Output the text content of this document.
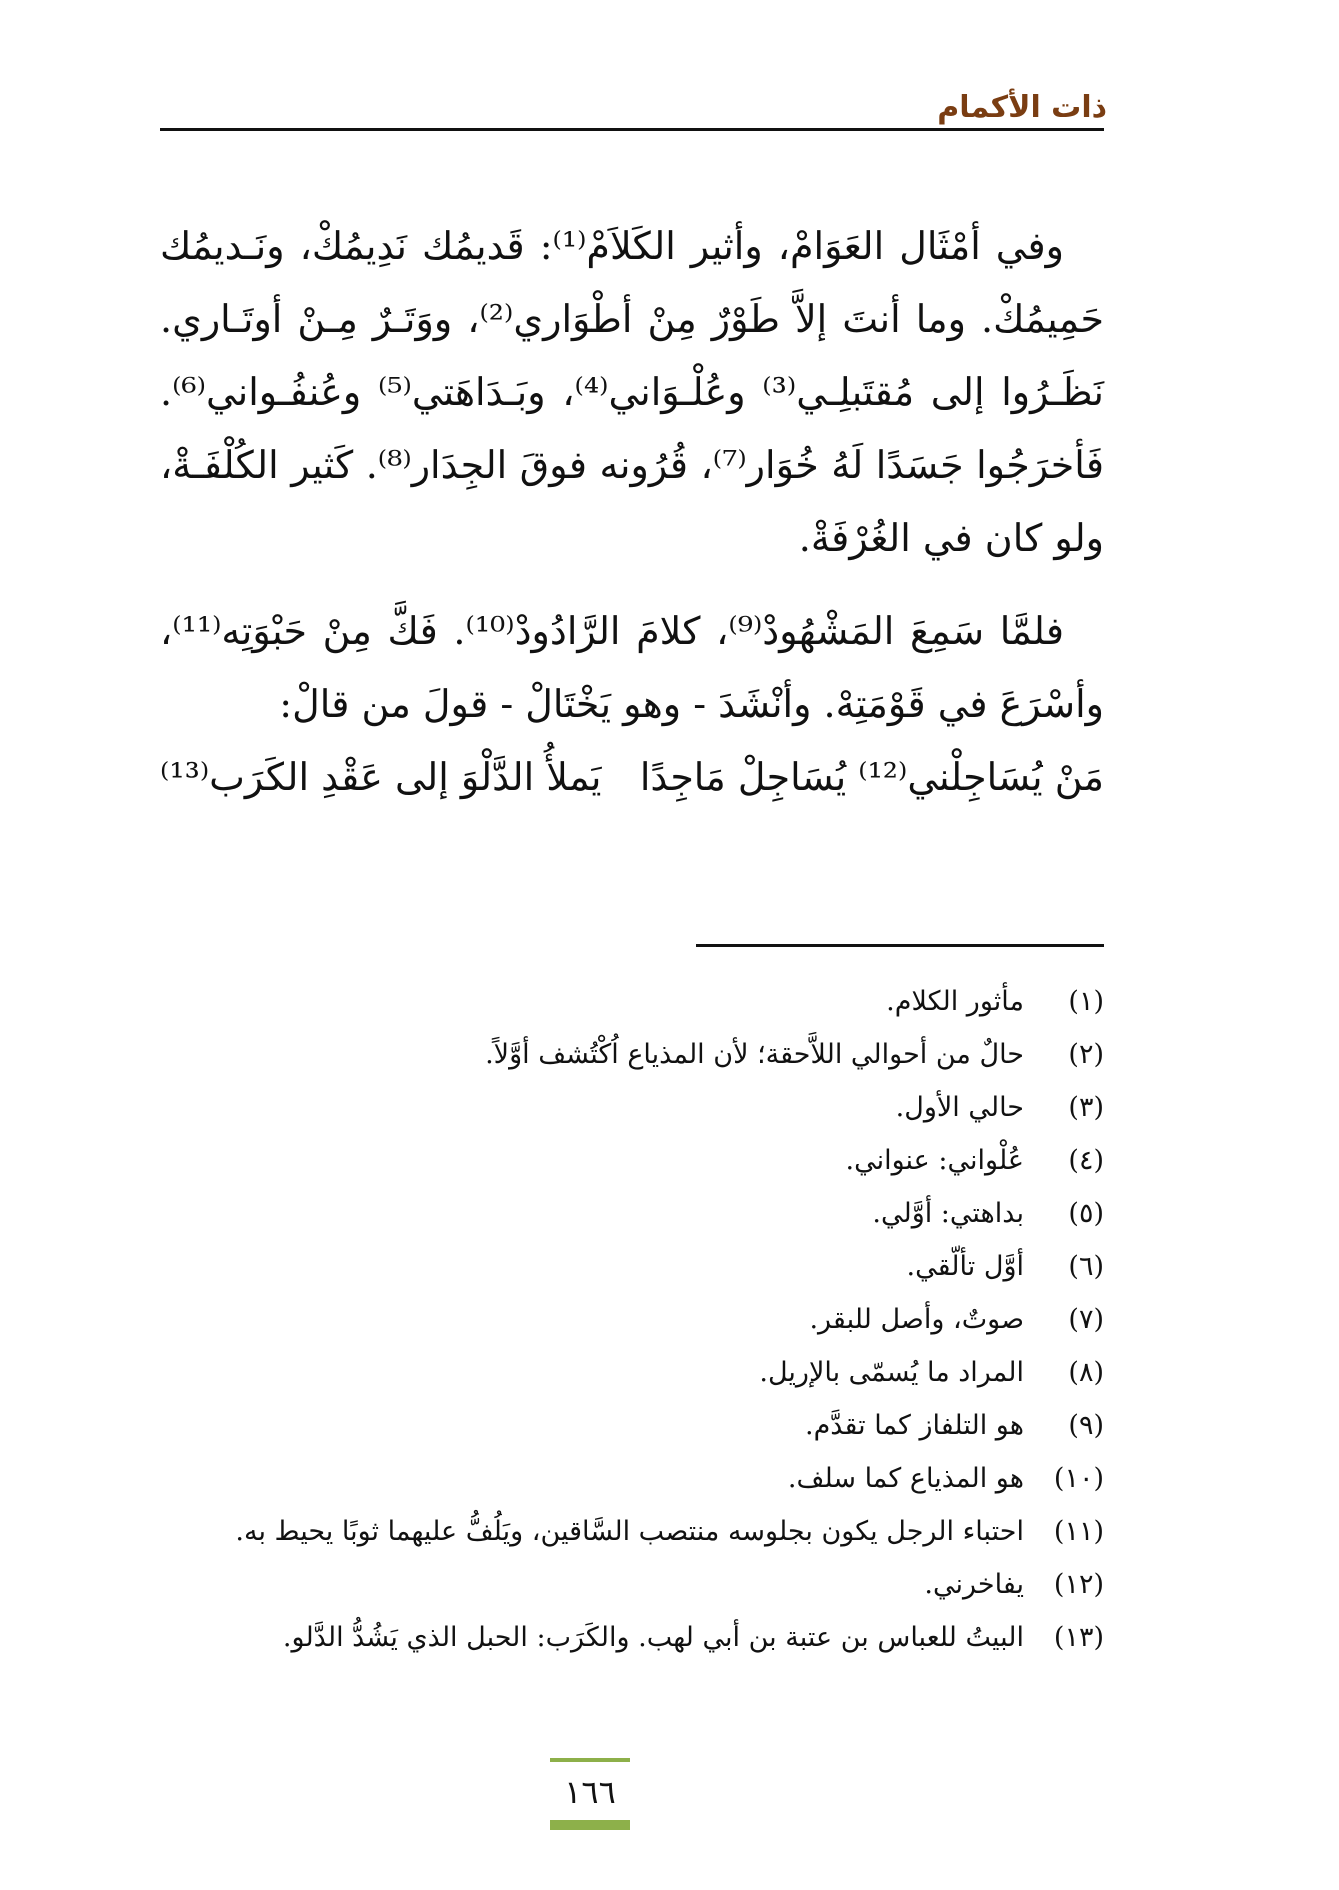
ذات الأكمام

وفي أمْثَال العَوَامْ، وأثير الكَلاَمْ⁽¹⁾: قَديمُك نَدِيمُكْ، ونَـديمُك حَمِيمُكْ. وما أنتَ إلاَّ طَوْرٌ مِنْ أطْوَاري⁽²⁾، ووَتَـرٌ مِـنْ أوتَـاري. نَظَـرُوا إلى مُقتَبلِـي⁽³⁾ وعُلْـوَاني⁽⁴⁾، وبَـدَاهَتي⁽⁵⁾ وعُنفُـواني⁽⁶⁾. فَأخرَجُوا جَسَدًا لَهُ خُوَار⁽⁷⁾، قُرُونه فوقَ الجِدَار⁽⁸⁾. كَثير الكُلْفَـةْ، ولو كان في الغُرْفَةْ.

فلمَّا سَمِعَ المَشْهُودْ⁽⁹⁾، كلامَ الرَّادُودْ⁽¹⁰⁾. فَكَّ مِنْ حَبْوَتِه⁽¹¹⁾، وأسْرَعَ في قَوْمَتِهْ. وأنْشَدَ - وهو يَخْتَالْ - قولَ من قالْ:

مَنْ يُسَاجِلْني⁽¹²⁾ يُسَاجِلْ مَاجِدًا
يَملأُ الدَّلْوَ إلى عَقْدِ الكَرَب⁽¹³⁾
(١)
مأثور الكلام.
(٢)
حالٌ من أحوالي اللاَّحقة؛ لأن المذياع اُكْتُشف أوَّلاً.
(٣)
حالي الأول.
(٤)
عُلْواني: عنواني.
(٥)
بداهتي: أوَّلي.
(٦)
أوَّل تألّقي.
(٧)
صوتٌ، وأصل للبقر.
(٨)
المراد ما يُسمّى بالإريل.
(٩)
هو التلفاز كما تقدَّم.
(١٠)
هو المذياع كما سلف.
(١١)
احتباء الرجل يكون بجلوسه منتصب السَّاقين، ويَلُفُّ عليهما ثوبًا يحيط به.
(١٢)
يفاخرني.
(١٣)
البيتُ للعباس بن عتبة بن أبي لهب. والكَرَب: الحبل الذي يَشُدُّ الدَّلو.
١٦٦
